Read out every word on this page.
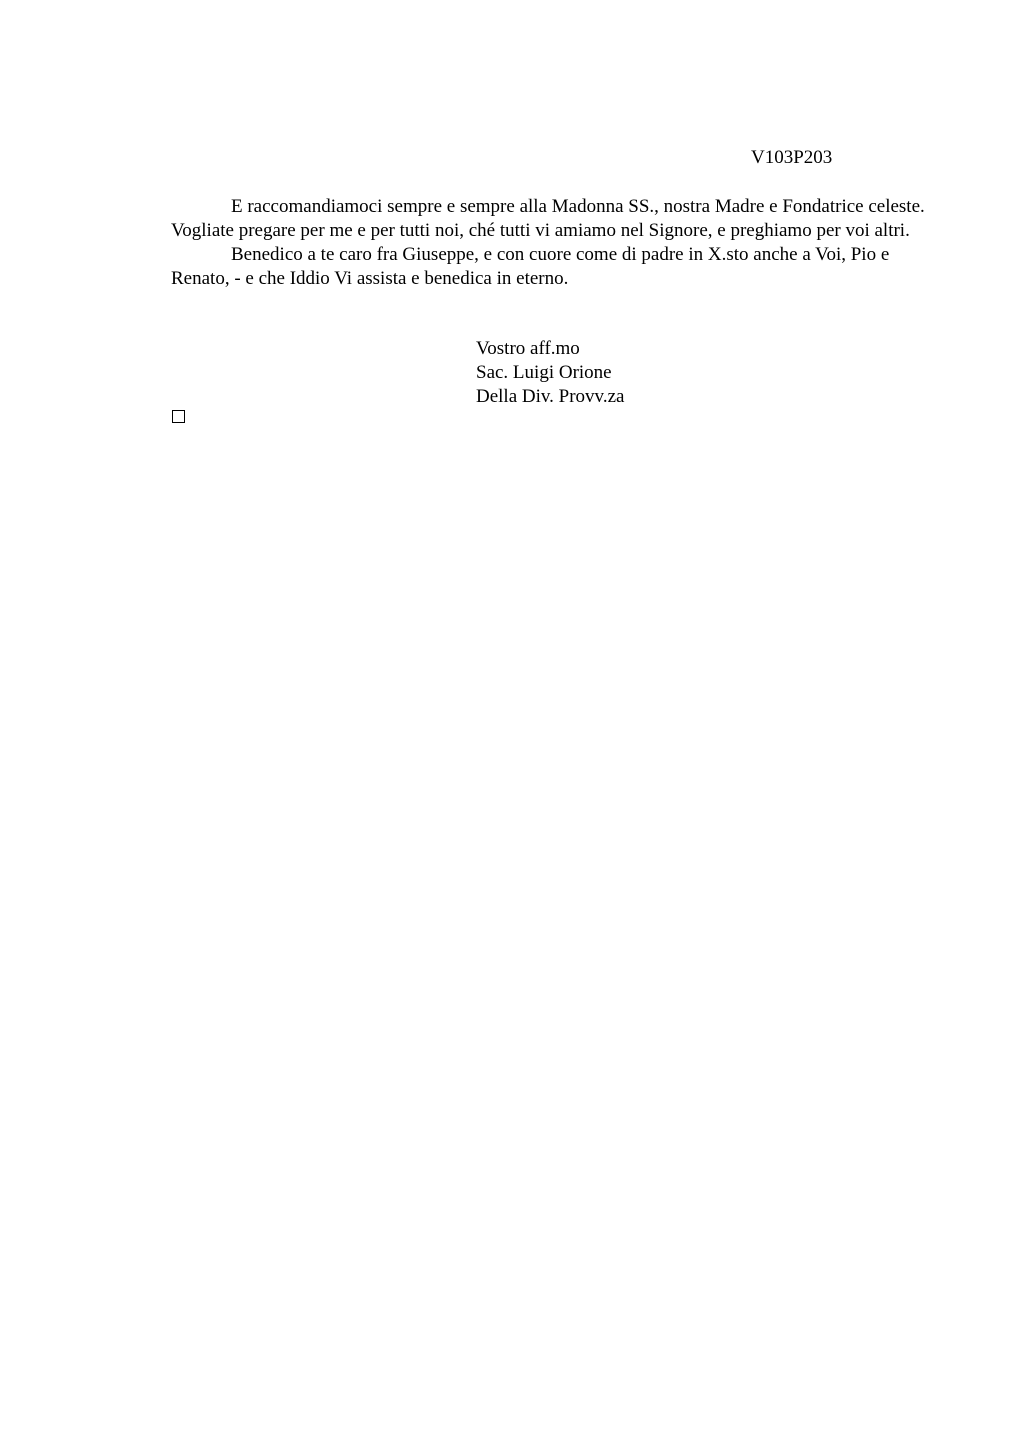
V103P203

E raccomandiamoci sempre e sempre alla Madonna SS., nostra Madre e Fondatrice celeste. Vogliate pregare per me e per tutti noi, ché tutti vi amiamo nel Signore, e preghiamo per voi altri.

Benedico a te caro fra Giuseppe, e con cuore come di padre in X.sto anche a Voi, Pio e Renato, - e che Iddio Vi assista e benedica in eterno.

Vostro aff.mo
Sac. Luigi Orione
Della Div. Provv.za
